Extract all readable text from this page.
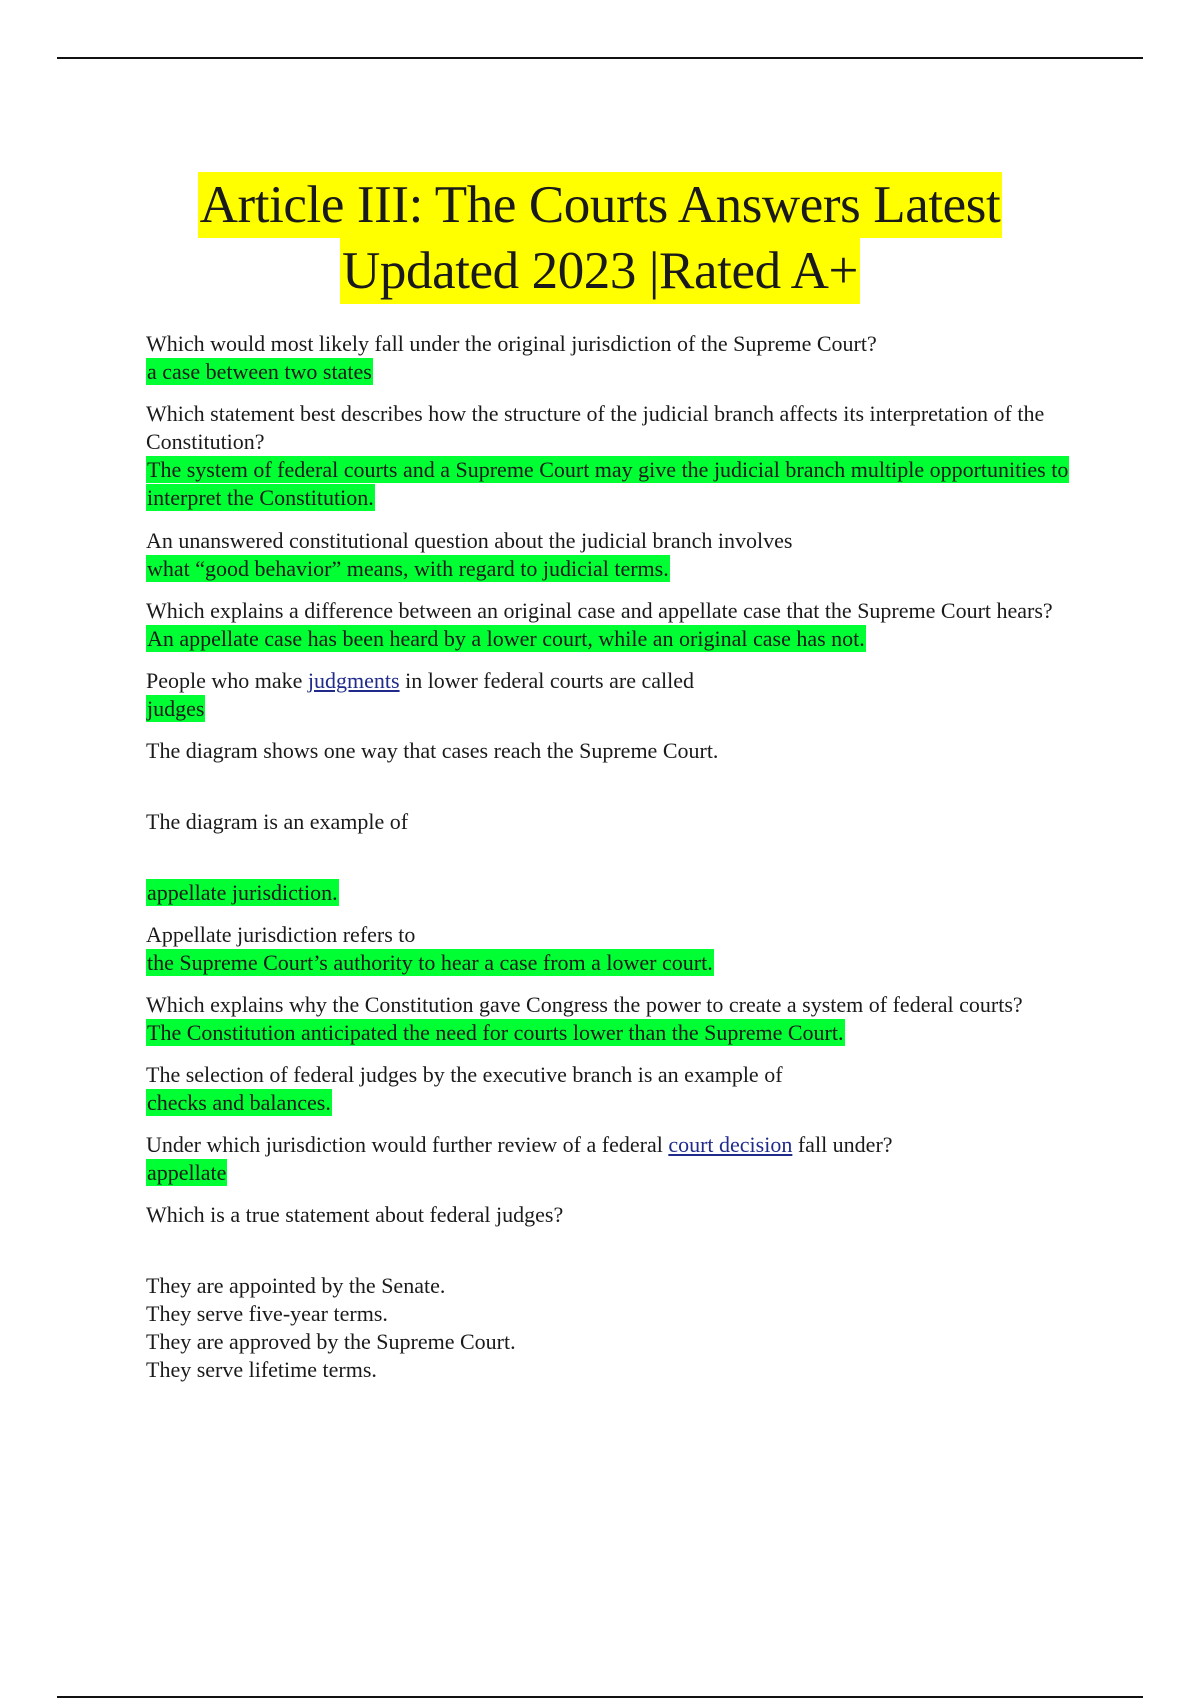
Article III: The Courts Answers Latest
Updated 2023 |Rated A+
Which would most likely fall under the original jurisdiction of the Supreme Court?
a case between two states
Which statement best describes how the structure of the judicial branch affects its interpretation of the Constitution?
The system of federal courts and a Supreme Court may give the judicial branch multiple opportunities to interpret the Constitution.
An unanswered constitutional question about the judicial branch involves
what “good behavior” means, with regard to judicial terms.
Which explains a difference between an original case and appellate case that the Supreme Court hears?
An appellate case has been heard by a lower court, while an original case has not.
People who make judgments in lower federal courts are called
judges
The diagram shows one way that cases reach the Supreme Court.
The diagram is an example of
appellate jurisdiction.
Appellate jurisdiction refers to
the Supreme Court’s authority to hear a case from a lower court.
Which explains why the Constitution gave Congress the power to create a system of federal courts?
The Constitution anticipated the need for courts lower than the Supreme Court.
The selection of federal judges by the executive branch is an example of
checks and balances.
Under which jurisdiction would further review of a federal court decision fall under?
appellate
Which is a true statement about federal judges?
They are appointed by the Senate.
They serve five-year terms.
They are approved by the Supreme Court.
They serve lifetime terms.
